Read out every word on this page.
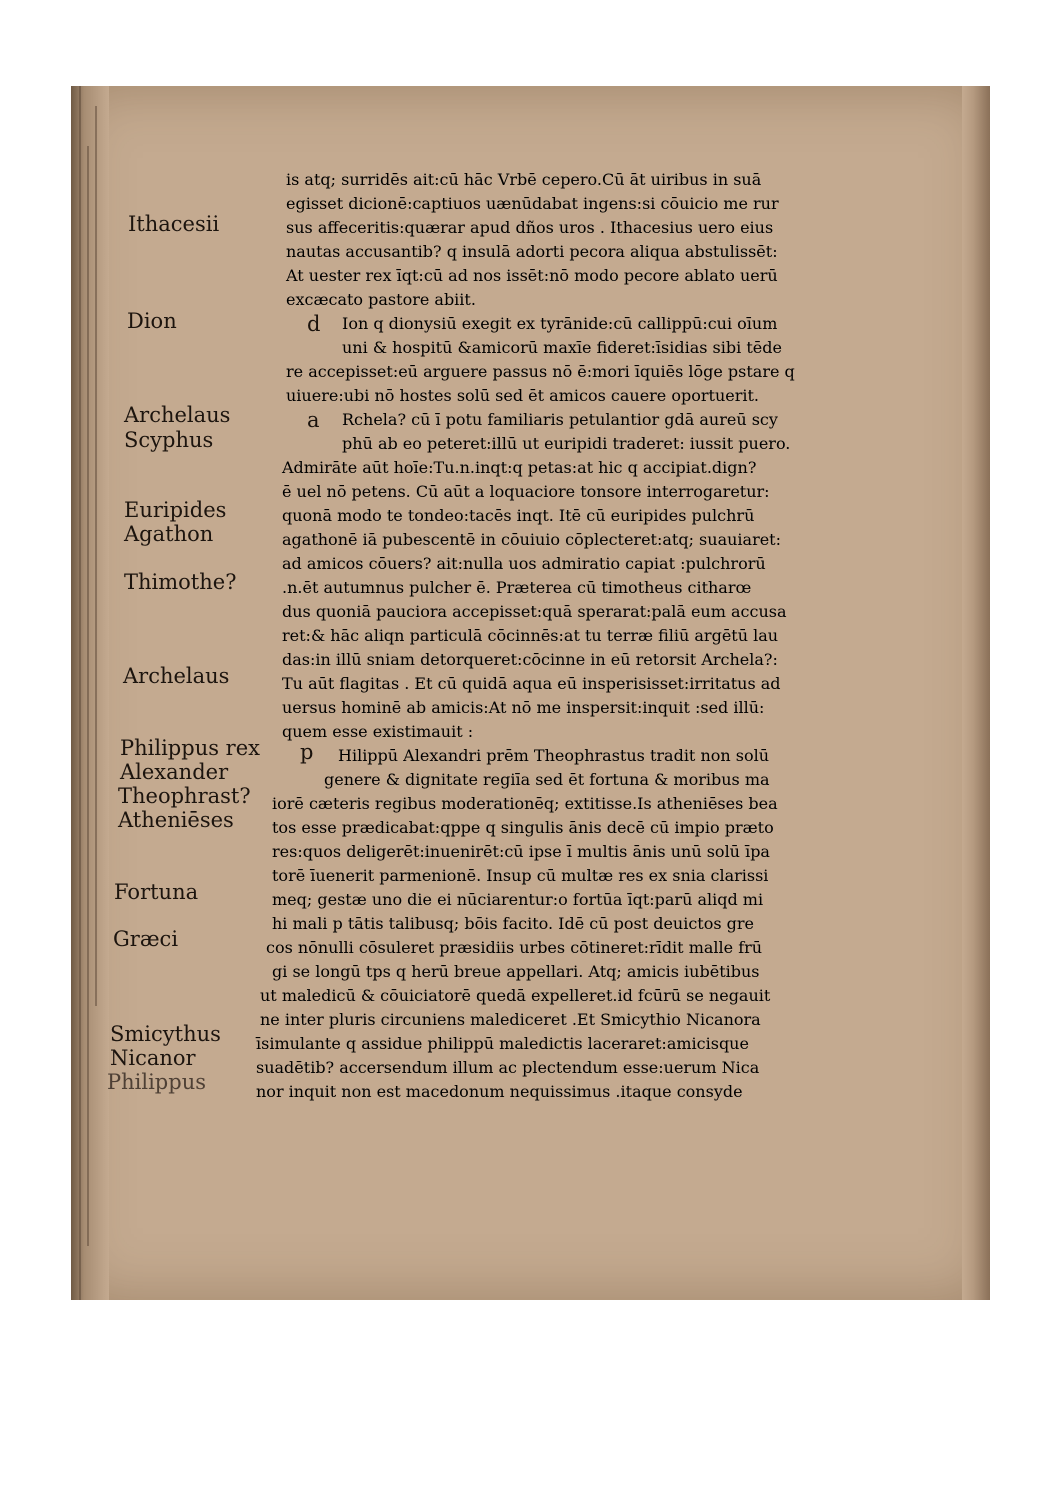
Ithacesii
Dion
Archelaus
Scyphus
Euripides
Agathon
Thimothe?
Archelaus
Philippus rex
Alexander
Theophrast?
Atheniēses
Fortuna
Græci
Smicythus
Nicanor
Philippus
d
a
p
is atq; surridēs ait:cū hāc Vrbē cepero.Cū āt uiribus in suā
egisset dicionē:captiuos uænūdabat ingens:si cōuicio me rur
sus affeceritis:quærar apud dños uros . Ithacesius uero eius
nautas accusantib? q insulā adorti pecora aliqua abstulissēt:
At uester rex īqt:cū ad nos issēt:nō modo pecore ablato uerū
excæcato pastore abiit.
Ion q dionysiū exegit ex tyrānide:cū callippū:cui oīum
uni & hospitū &amicorū maxīe fideret:īsidias sibi tēde
re accepisset:eū arguere passus nō ē:mori īquiēs lōge pstare q
uiuere:ubi nō hostes solū sed ēt amicos cauere oportuerit.
Rchela? cū ī potu familiaris petulantior gdā aureū scy
phū ab eo peteret:illū ut euripidi traderet: iussit puero.
Admirāte aūt hoīe:Tu.n.inqt:q petas:at hic q accipiat.dign?
ē uel nō petens. Cū aūt a loquaciore tonsore interrogaretur:
quonā modo te tondeo:tacēs inqt. Itē cū euripides pulchrū
agathonē iā pubescentē in cōuiuio cōplecteret:atq; suauiaret:
ad amicos cōuers? ait:nulla uos admiratio capiat :pulchrorū
.n.ēt autumnus pulcher ē. Præterea cū timotheus citharœ
dus quoniā pauciora accepisset:quā sperarat:palā eum accusa
ret:& hāc aliqn particulā cōcinnēs:at tu terræ filiū argētū lau
das:in illū sniam detorqueret:cōcinne in eū retorsit Archela?:
Tu aūt flagitas . Et cū quidā aqua eū insperisisset:irritatus ad
uersus hominē ab amicis:At nō me inspersit:inquit :sed illū:
quem esse existimauit :
Hilippū Alexandri prēm Theophrastus tradit non solū
genere & dignitate regiīa sed ēt fortuna & moribus ma
iorē cæteris regibus moderationēq; extitisse.Is atheniēses bea
tos esse prædicabat:qppe q singulis ānis decē cū impio præto
res:quos deligerēt:inuenirēt:cū ipse ī multis ānis unū solū īpa
torē īuenerit parmenionē. Insup cū multæ res ex snia clarissi
meq; gestæ uno die ei nūciarentur:o fortūa īqt:parū aliqd mi
hi mali p tātis talibusq; bōis facito. Idē cū post deuictos gre
cos nōnulli cōsuleret præsidiis urbes cōtineret:rīdit malle frū
gi se longū tps q herū breue appellari. Atq; amicis iubētibus
ut maledicū & cōuiciatorē quedā expelleret.id fcūrū se negauit
ne inter pluris circuniens malediceret .Et Smicythio Nicanora
īsimulante q assidue philippū maledictis laceraret:amicisque
suadētib? accersendum illum ac plectendum esse:uerum Nica
nor inquit non est macedonum nequissimus .itaque consyde
